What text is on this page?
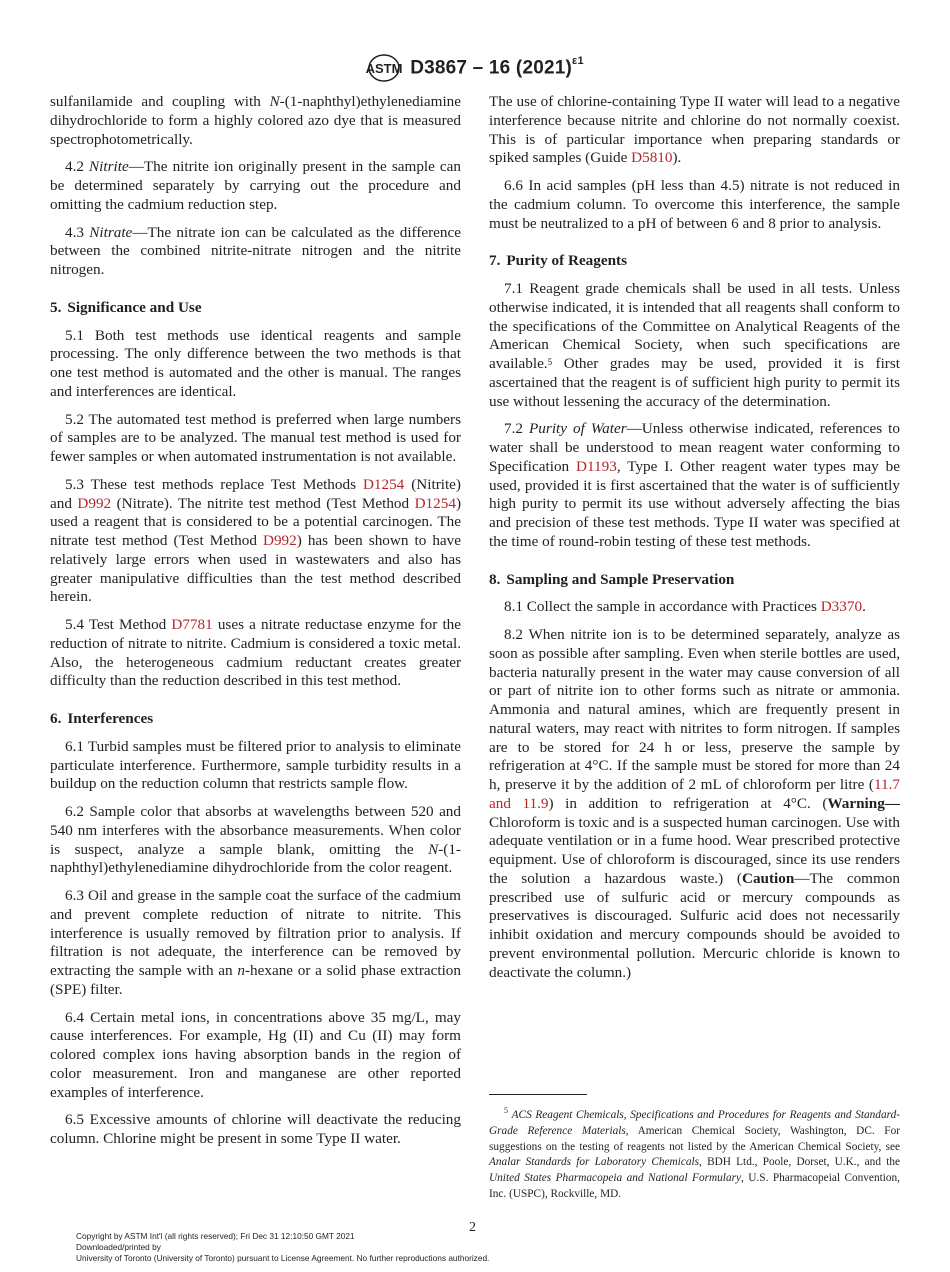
ASTM D3867 – 16 $(2021)^{\varepsilon 1}$

sulfanilamide and coupling with N-(1-naphthyl)ethylenediamine dihydrochloride to form a highly colored azo dye that is measured spectrophotometrically.

4.2 Nitrite—The nitrite ion originally present in the sample can be determined separately by carrying out the procedure and omitting the cadmium reduction step.

4.3 Nitrate—The nitrate ion can be calculated as the difference between the combined nitrite-nitrate nitrogen and the nitrite nitrogen.

5. Significance and Use

5.1 Both test methods use identical reagents and sample processing. The only difference between the two methods is that one test method is automated and the other is manual. The ranges and interferences are identical.

5.2 The automated test method is preferred when large numbers of samples are to be analyzed. The manual test method is used for fewer samples or when automated instrumentation is not available.

5.3 These test methods replace Test Methods D1254 (Nitrite) and D992 (Nitrate). The nitrite test method (Test Method D1254) used a reagent that is considered to be a potential carcinogen. The nitrate test method (Test Method D992) has been shown to have relatively large errors when used in wastewaters and also has greater manipulative difficulties than the test method described herein.

5.4 Test Method D7781 uses a nitrate reductase enzyme for the reduction of nitrate to nitrite. Cadmium is considered a toxic metal. Also, the heterogeneous cadmium reductant creates greater difficulty than the reduction described in this test method.

6. Interferences

6.1 Turbid samples must be filtered prior to analysis to eliminate particulate interference. Furthermore, sample turbidity results in a buildup on the reduction column that restricts sample flow.

6.2 Sample color that absorbs at wavelengths between 520 and 540 nm interferes with the absorbance measurements. When color is suspect, analyze a sample blank, omitting the N-(1-naphthyl)ethylenediamine dihydrochloride from the color reagent.

6.3 Oil and grease in the sample coat the surface of the cadmium and prevent complete reduction of nitrate to nitrite. This interference is usually removed by filtration prior to analysis. If filtration is not adequate, the interference can be removed by extracting the sample with an n-hexane or a solid phase extraction (SPE) filter.

6.4 Certain metal ions, in concentrations above 35 mg/L, may cause interferences. For example, Hg (II) and Cu (II) may form colored complex ions having absorption bands in the region of color measurement. Iron and manganese are other reported examples of interference.

6.5 Excessive amounts of chlorine will deactivate the reducing column. Chlorine might be present in some Type II water.

The use of chlorine-containing Type II water will lead to a negative interference because nitrite and chlorine do not normally coexist. This is of particular importance when preparing standards or spiked samples (Guide D5810).

6.6 In acid samples (pH less than 4.5) nitrate is not reduced in the cadmium column. To overcome this interference, the sample must be neutralized to a pH of between 6 and 8 prior to analysis.

7. Purity of Reagents

7.1 Reagent grade chemicals shall be used in all tests. Unless otherwise indicated, it is intended that all reagents shall conform to the specifications of the Committee on Analytical Reagents of the American Chemical Society, when such specifications are available.$^5$ Other grades may be used, provided it is first ascertained that the reagent is of sufficient high purity to permit its use without lessening the accuracy of the determination.

7.2 Purity of Water—Unless otherwise indicated, references to water shall be understood to mean reagent water conforming to Specification D1193, Type I. Other reagent water types may be used, provided it is first ascertained that the water is of sufficiently high purity to permit its use without adversely affecting the bias and precision of these test methods. Type II water was specified at the time of round-robin testing of these test methods.

8. Sampling and Sample Preservation

8.1 Collect the sample in accordance with Practices D3370.

8.2 When nitrite ion is to be determined separately, analyze as soon as possible after sampling. Even when sterile bottles are used, bacteria naturally present in the water may cause conversion of all or part of nitrite ion to other forms such as nitrate or ammonia. Ammonia and natural amines, which are frequently present in natural waters, may react with nitrites to form nitrogen. If samples are to be stored for 24 h or less, preserve the sample by refrigeration at 4°C. If the sample must be stored for more than 24 h, preserve it by the addition of 2 mL of chloroform per litre (11.7 and 11.9) in addition to refrigeration at 4°C. (Warning—Chloroform is toxic and is a suspected human carcinogen. Use with adequate ventilation or in a fume hood. Wear prescribed protective equipment. Use of chloroform is discouraged, since its use renders the solution a hazardous waste.) (Caution—The common prescribed use of sulfuric acid or mercury compounds as preservatives is discouraged. Sulfuric acid does not necessarily inhibit oxidation and mercury compounds should be avoided to prevent environmental pollution. Mercuric chloride is known to deactivate the column.)

$^5$ ACS Reagent Chemicals, Specifications and Procedures for Reagents and Standard-Grade Reference Materials, American Chemical Society, Washington, DC. For suggestions on the testing of reagents not listed by the American Chemical Society, see Analar Standards for Laboratory Chemicals, BDH Ltd., Poole, Dorset, U.K., and the United States Pharmacopeia and National Formulary, U.S. Pharmacopeial Convention, Inc. (USPC), Rockville, MD.

2
Copyright by ASTM Int'l (all rights reserved); Fri Dec 31 12:10:50 GMT 2021
Downloaded/printed by
University of Toronto (University of Toronto) pursuant to License Agreement. No further reproductions authorized.
